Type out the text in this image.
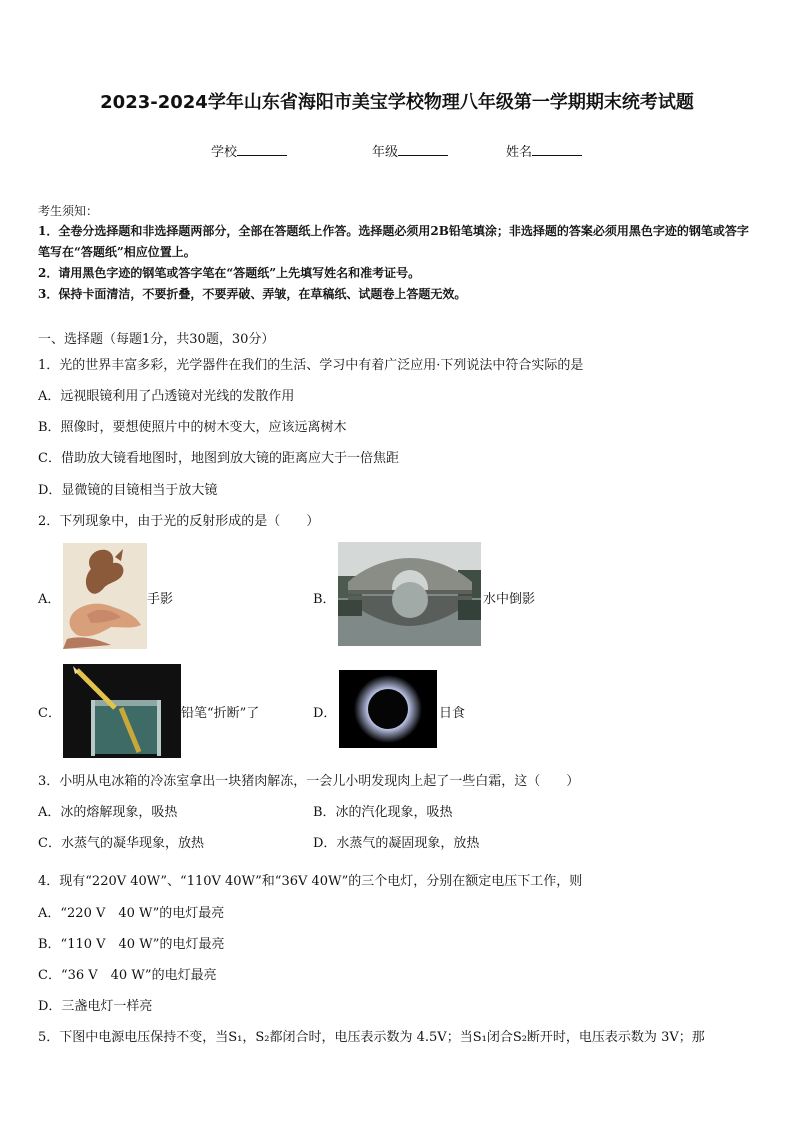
2023-2024学年山东省海阳市美宝学校物理八年级第一学期期末统考试题
学校	年级	姓名
考生须知：
1．全卷分选择题和非选择题两部分，全部在答题纸上作答。选择题必须用2B铅笔填涂；非选择题的答案必须用黑色字迹的钢笔或答字笔写在“答题纸”相应位置上。
2．请用黑色字迹的钢笔或答字笔在“答题纸”上先填写姓名和准考证号。
3．保持卡面清洁，不要折叠，不要弄破、弄皱，在草稿纸、试题卷上答题无效。
一、选择题（每题1分，共30题，30分）
1．光的世界丰富多彩，光学器件在我们的生活、学习中有着广泛应用·下列说法中符合实际的是
A．远视眼镜利用了凸透镜对光线的发散作用
B．照像时，要想使照片中的树木变大，应该远离树木
C．借助放大镜看地图时，地图到放大镜的距离应大于一倍焦距
D．显微镜的目镜相当于放大镜
2．下列现象中，由于光的反射形成的是（　　）
A．	手影	B．	水中倒影
C．	铅笔“折断”了	D．	日食
3．小明从电冰箱的冷冻室拿出一块猪肉解冻，一会儿小明发现肉上起了一些白霜，这（　　）
A．冰的熔解现象，吸热	B．冰的汽化现象，吸热
C．水蒸气的凝华现象，放热	D．水蒸气的凝固现象，放热
4．现有“220V 40W”、“110V 40W”和“36V 40W”的三个电灯，分别在额定电压下工作，则
A．“220 V　40 W”的电灯最亮
B．“110 V　40 W”的电灯最亮
C．“36 V　40 W”的电灯最亮
D．三盏电灯一样亮
5．下图中电源电压保持不变，当S₁，S₂都闭合时，电压表示数为 4.5V；当S₁闭合S₂断开时，电压表示数为 3V；那
